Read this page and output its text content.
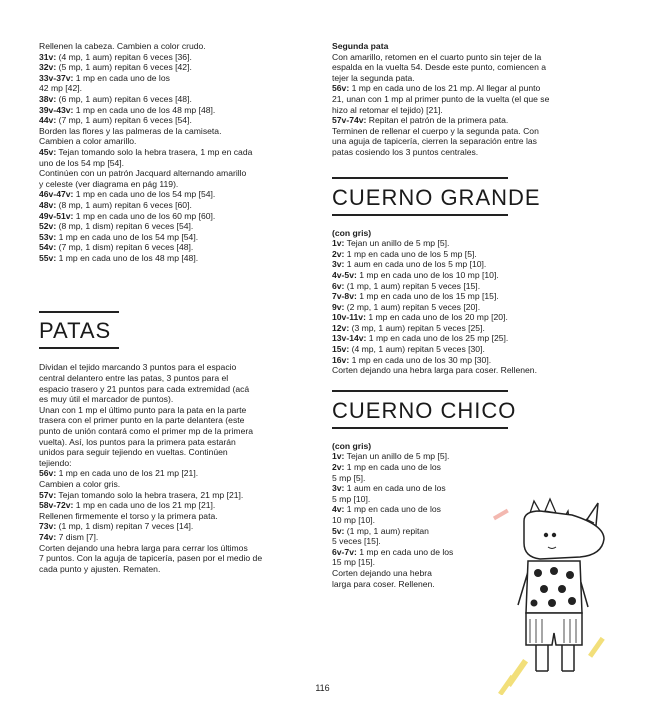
Rellenen la cabeza. Cambien a color crudo.

31v: (4 mp, 1 aum) repitan 6 veces [36].

32v: (5 mp, 1 aum) repitan 6 veces [42].

33v-37v: 1 mp en cada uno de los

42 mp [42].

38v: (6 mp, 1 aum) repitan 6 veces [48].

39v-43v: 1 mp en cada uno de los 48 mp [48].

44v: (7 mp, 1 aum) repitan 6 veces [54].

Borden las flores y las palmeras de la camiseta.

Cambien a color amarillo.

45v: Tejan tomando solo la hebra trasera, 1 mp en cada

uno de los 54 mp [54].

Continúen con un patrón Jacquard alternando amarillo

y celeste (ver diagrama en pág 119).

46v-47v: 1 mp en cada uno de los 54 mp [54].

48v: (8 mp, 1 aum) repitan 6 veces [60].

49v-51v: 1 mp en cada uno de los 60 mp [60].

52v: (8 mp, 1 dism) repitan 6 veces [54].

53v: 1 mp en cada uno de los 54 mp [54].

54v: (7 mp, 1 dism) repitan 6 veces [48].

55v: 1 mp en cada uno de los 48 mp [48].

PATAS

Dividan el tejido marcando 3 puntos para el espacio

central delantero entre las patas, 3 puntos para el

espacio trasero y 21 puntos para cada extremidad (acá

es muy útil el marcador de puntos).

Unan con 1 mp el último punto para la pata en la parte

trasera con el primer punto en la parte delantera (este

punto de unión contará como el primer mp de la primera

vuelta). Así, los puntos para la primera pata estarán

unidos para seguir tejiendo en vueltas. Continúen

tejiendo:

56v: 1 mp en cada uno de los 21 mp [21].

Cambien a color gris.

57v: Tejan tomando solo la hebra trasera, 21 mp [21].

58v-72v: 1 mp en cada uno de los 21 mp [21].

Rellenen firmemente el torso y la primera pata.

73v: (1 mp, 1 dism) repitan 7 veces [14].

74v: 7 dism [7].

Corten dejando una hebra larga para cerrar los últimos

7 puntos. Con la aguja de tapicería, pasen por el medio de

cada punto y ajusten. Rematen.

Segunda pata

Con amarillo, retomen en el cuarto punto sin tejer de la

espalda en la vuelta 54. Desde este punto, comiencen a

tejer la segunda pata.

56v: 1 mp en cada uno de los 21 mp. Al llegar al punto

21, unan con 1 mp al primer punto de la vuelta (el que se

hizo al retomar el tejido) [21].

57v-74v: Repitan el patrón de la primera pata.

Terminen de rellenar el cuerpo y la segunda pata. Con

una aguja de tapicería, cierren la separación entre las

patas cosiendo los 3 puntos centrales.

CUERNO GRANDE

(con gris)

1v: Tejan un anillo de 5 mp [5].

2v: 1 mp en cada uno de los 5 mp [5].

3v: 1 aum en cada uno de los 5 mp [10].

4v-5v: 1 mp en cada uno de los 10 mp [10].

6v: (1 mp, 1 aum) repitan 5 veces [15].

7v-8v: 1 mp en cada uno de los 15 mp [15].

9v: (2 mp, 1 aum) repitan 5 veces [20].

10v-11v: 1 mp en cada uno de los 20 mp [20].

12v: (3 mp, 1 aum) repitan 5 veces [25].

13v-14v: 1 mp en cada uno de los 25 mp [25].

15v: (4 mp, 1 aum) repitan 5 veces [30].

16v: 1 mp en cada uno de los 30 mp [30].

Corten dejando una hebra larga para coser. Rellenen.

CUERNO CHICO

(con gris)

1v: Tejan un anillo de 5 mp [5].

2v: 1 mp en cada uno de los

5 mp [5].

3v: 1 aum en cada uno de los

5 mp [10].

4v: 1 mp en cada uno de los

10 mp [10].

5v: (1 mp, 1 aum) repitan

5 veces [15].

6v-7v: 1 mp en cada uno de los

15 mp [15].

Corten dejando una hebra

larga para coser. Rellenen.

116
